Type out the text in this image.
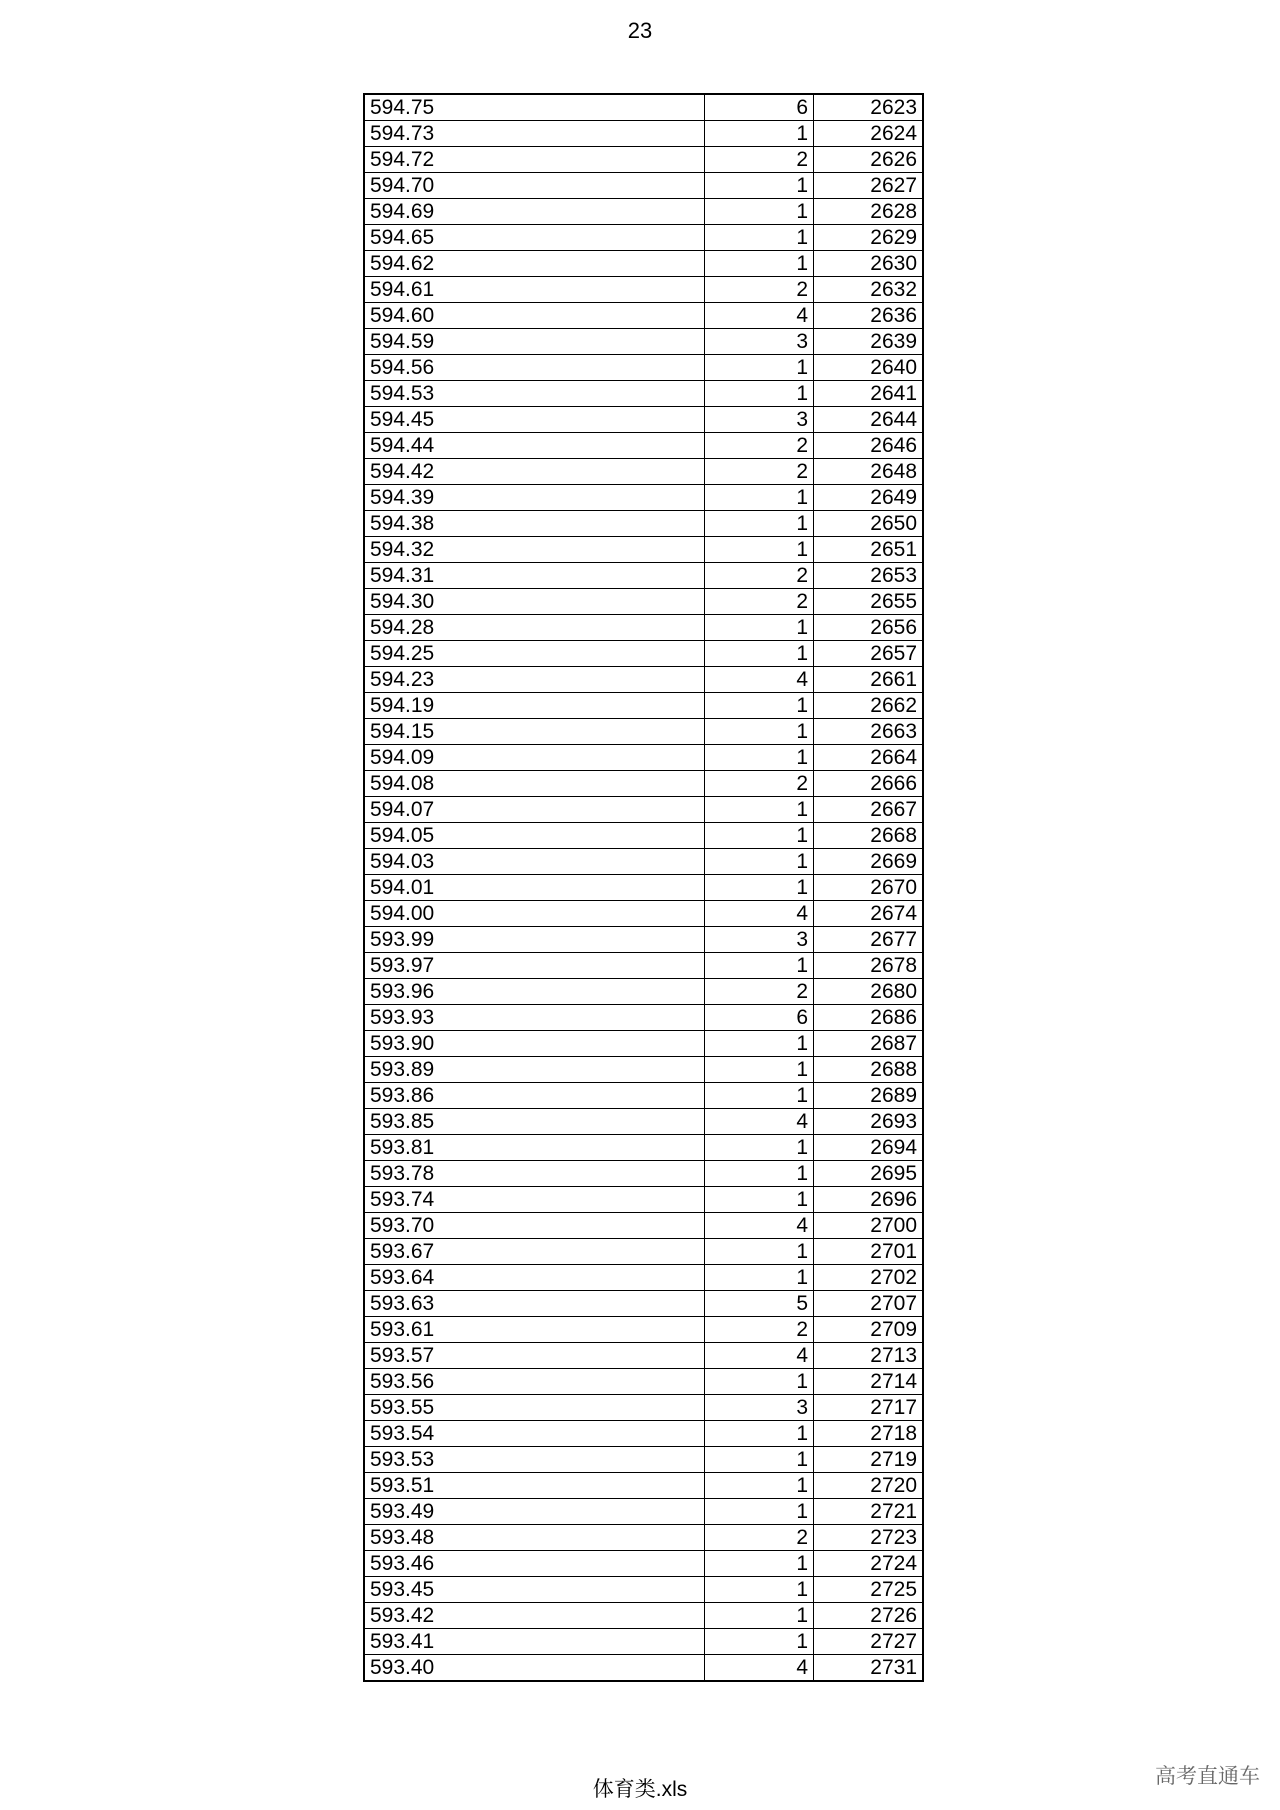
23
594.75	6	2623
594.73	1	2624
594.72	2	2626
594.70	1	2627
594.69	1	2628
594.65	1	2629
594.62	1	2630
594.61	2	2632
594.60	4	2636
594.59	3	2639
594.56	1	2640
594.53	1	2641
594.45	3	2644
594.44	2	2646
594.42	2	2648
594.39	1	2649
594.38	1	2650
594.32	1	2651
594.31	2	2653
594.30	2	2655
594.28	1	2656
594.25	1	2657
594.23	4	2661
594.19	1	2662
594.15	1	2663
594.09	1	2664
594.08	2	2666
594.07	1	2667
594.05	1	2668
594.03	1	2669
594.01	1	2670
594.00	4	2674
593.99	3	2677
593.97	1	2678
593.96	2	2680
593.93	6	2686
593.90	1	2687
593.89	1	2688
593.86	1	2689
593.85	4	2693
593.81	1	2694
593.78	1	2695
593.74	1	2696
593.70	4	2700
593.67	1	2701
593.64	1	2702
593.63	5	2707
593.61	2	2709
593.57	4	2713
593.56	1	2714
593.55	3	2717
593.54	1	2718
593.53	1	2719
593.51	1	2720
593.49	1	2721
593.48	2	2723
593.46	1	2724
593.45	1	2725
593.42	1	2726
593.41	1	2727
593.40	4	2731
体育类.xls
高考直通车
